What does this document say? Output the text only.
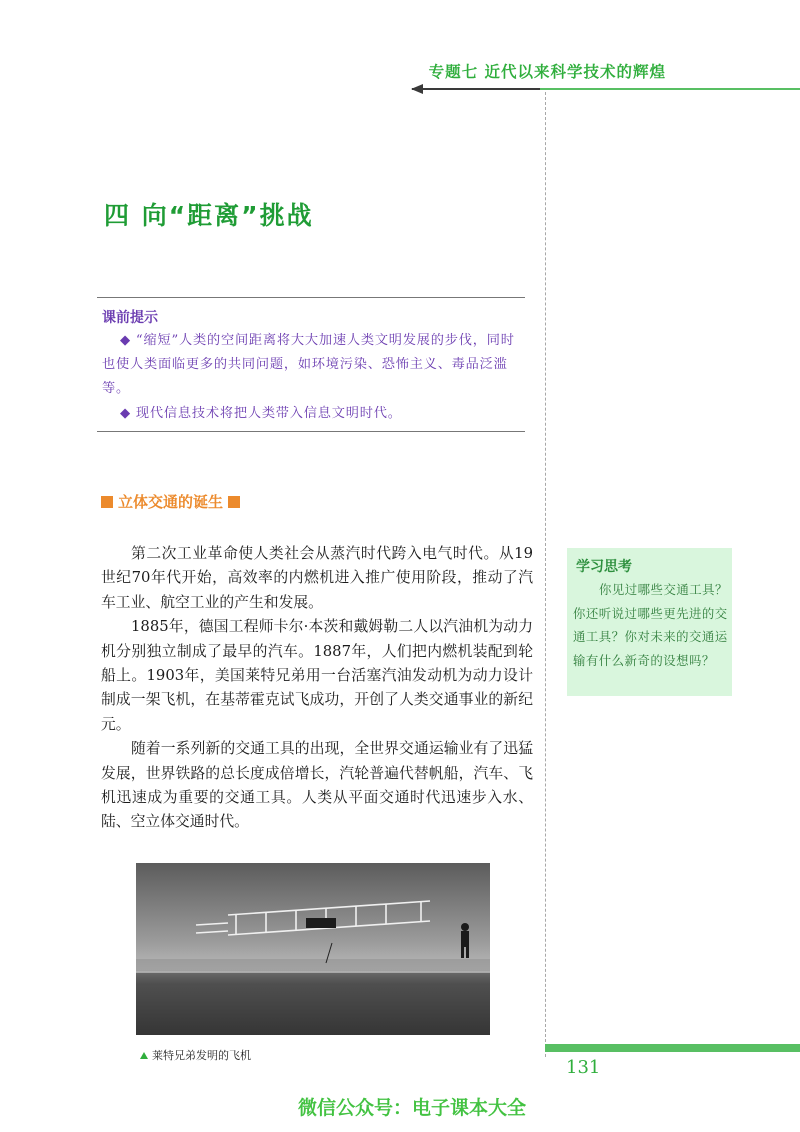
专题七 近代以来科学技术的辉煌
四 向“距离”挑战
课前提示
◆ “缩短”人类的空间距离将大大加速人类文明发展的步伐，同时也使人类面临更多的共同问题，如环境污染、恐怖主义、毒品泛滥等。
◆ 现代信息技术将把人类带入信息文明时代。
立体交通的诞生

第二次工业革命使人类社会从蒸汽时代跨入电气时代。从19世纪70年代开始，高效率的内燃机进入推广使用阶段，推动了汽车工业、航空工业的产生和发展。

1885年，德国工程师卡尔·本茨和戴姆勒二人以汽油机为动力机分别独立制成了最早的汽车。1887年，人们把内燃机装配到轮船上。1903年，美国莱特兄弟用一台活塞汽油发动机为动力设计制成一架飞机，在基蒂霍克试飞成功，开创了人类交通事业的新纪元。

随着一系列新的交通工具的出现，全世界交通运输业有了迅猛发展，世界铁路的总长度成倍增长，汽轮普遍代替帆船，汽车、飞机迅速成为重要的交通工具。人类从平面交通时代迅速步入水、陆、空立体交通时代。

学习思考
你见过哪些交通工具？你还听说过哪些更先进的交通工具？你对未来的交通运输有什么新奇的设想吗？
莱特兄弟发明的飞机
131
微信公众号：电子课本大全
